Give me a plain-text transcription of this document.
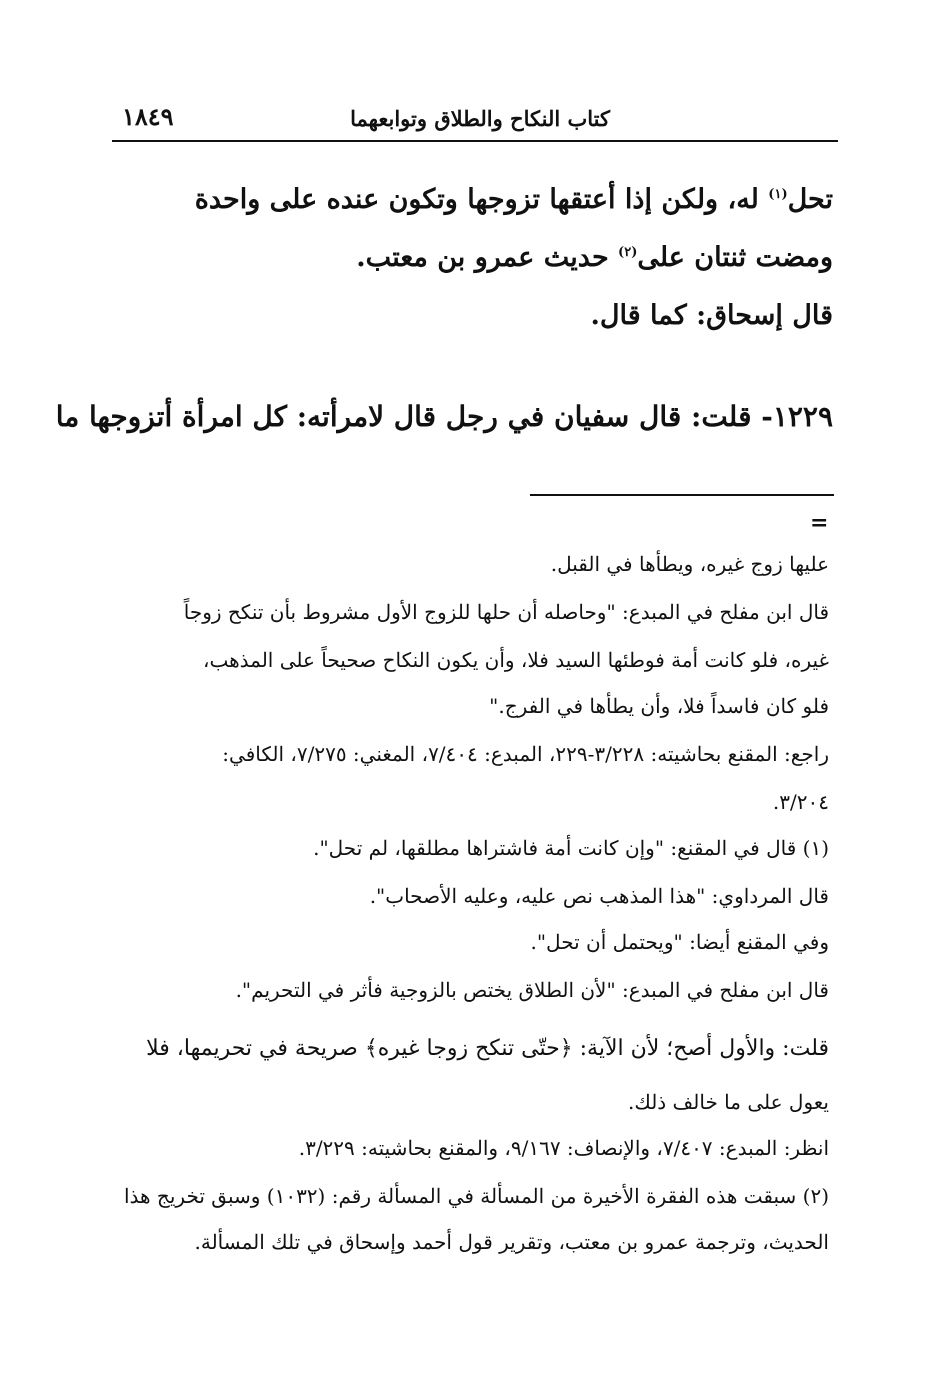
كتاب النكاح والطلاق وتوابعهما
١٨٤٩
تحل$^{(١)}$ له، ولكن إذا أعتقها تزوجها وتكون عنده على واحدة
ومضت ثنتان على$^{(٢)}$ حديث عمرو بن معتب.
قال إسحاق: كما قال.
١٢٢٩- قلت: قال سفيان في رجل قال لامرأته: كل امرأة أتزوجها ما
=
عليها زوج غيره، ويطأها في القبل.
قال ابن مفلح في المبدع: "وحاصله أن حلها للزوج الأول مشروط بأن تنكح زوجاً
غيره، فلو كانت أمة فوطئها السيد فلا، وأن يكون النكاح صحيحاً على المذهب،
فلو كان فاسداً فلا، وأن يطأها في الفرج."
راجع: المقنع بحاشيته: ٣/٢٢٨-٢٢٩، المبدع: ٧/٤٠٤، المغني: ٧/٢٧٥، الكافي:
٣/٢٠٤.
(١) قال في المقنع: "وإن كانت أمة فاشتراها مطلقها، لم تحل".
قال المرداوي: "هذا المذهب نص عليه، وعليه الأصحاب".
وفي المقنع أيضا: "ويحتمل أن تحل".
قال ابن مفلح في المبدع: "لأن الطلاق يختص بالزوجية فأثر في التحريم".
قلت: والأول أصح؛ لأن الآية: ﴿حتّى تنكح زوجا غيره﴾ صريحة في تحريمها، فلا
يعول على ما خالف ذلك.
انظر: المبدع: ٧/٤٠٧، والإنصاف: ٩/١٦٧، والمقنع بحاشيته: ٣/٢٢٩.
(٢) سبقت هذه الفقرة الأخيرة من المسألة في المسألة رقم: (١٠٣٢) وسبق تخريج هذا
الحديث، وترجمة عمرو بن معتب، وتقرير قول أحمد وإسحاق في تلك المسألة.
